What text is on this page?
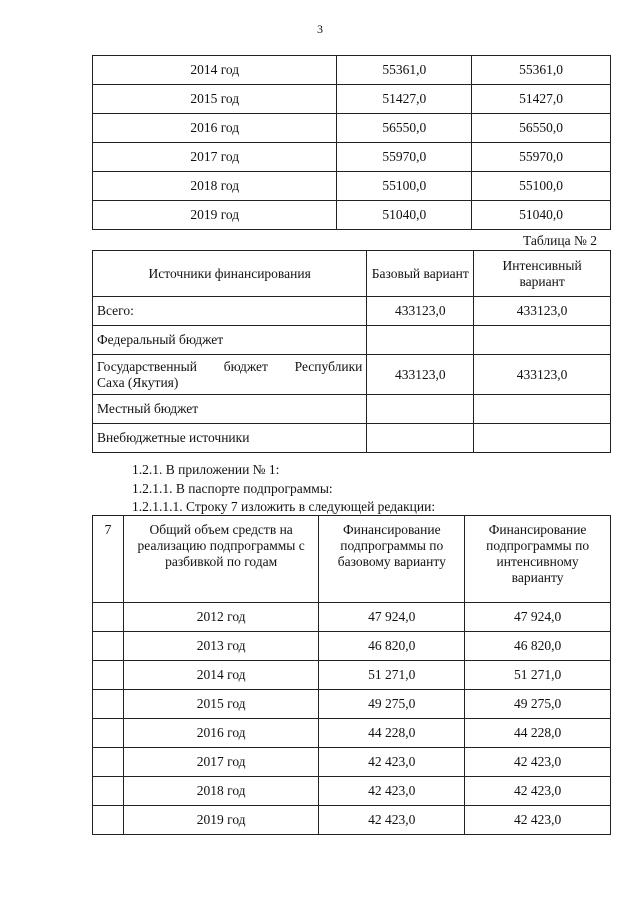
3
2014 год	55361,0	55361,0
2015 год	51427,0	51427,0
2016 год	56550,0	56550,0
2017 год	55970,0	55970,0
2018 год	55100,0	55100,0
2019 год	51040,0	51040,0
Таблица № 2
Источники финансирования	Базовый вариант	Интенсивный вариант
Всего:	433123,0	433123,0
Федеральный бюджет		

Государственный бюджет Республики
Саха (Якутия)	433123,0	433123,0
Местный бюджет		
Внебюджетные источники		
1.2.1. В приложении № 1:
1.2.1.1. В паспорте подпрограммы:
1.2.1.1.1. Строку 7 изложить в следующей редакции:
7	Общий объем средств на реализацию подпрограммы с разбивкой по годам	Финансирование подпрограммы по базовому варианту	Финансирование подпрограммы по интенсивному варианту
	2012 год	47 924,0	47 924,0
	2013 год	46 820,0	46 820,0
	2014 год	51 271,0	51 271,0
	2015 год	49 275,0	49 275,0
	2016 год	44 228,0	44 228,0
	2017 год	42 423,0	42 423,0
	2018 год	42 423,0	42 423,0
	2019 год	42 423,0	42 423,0
